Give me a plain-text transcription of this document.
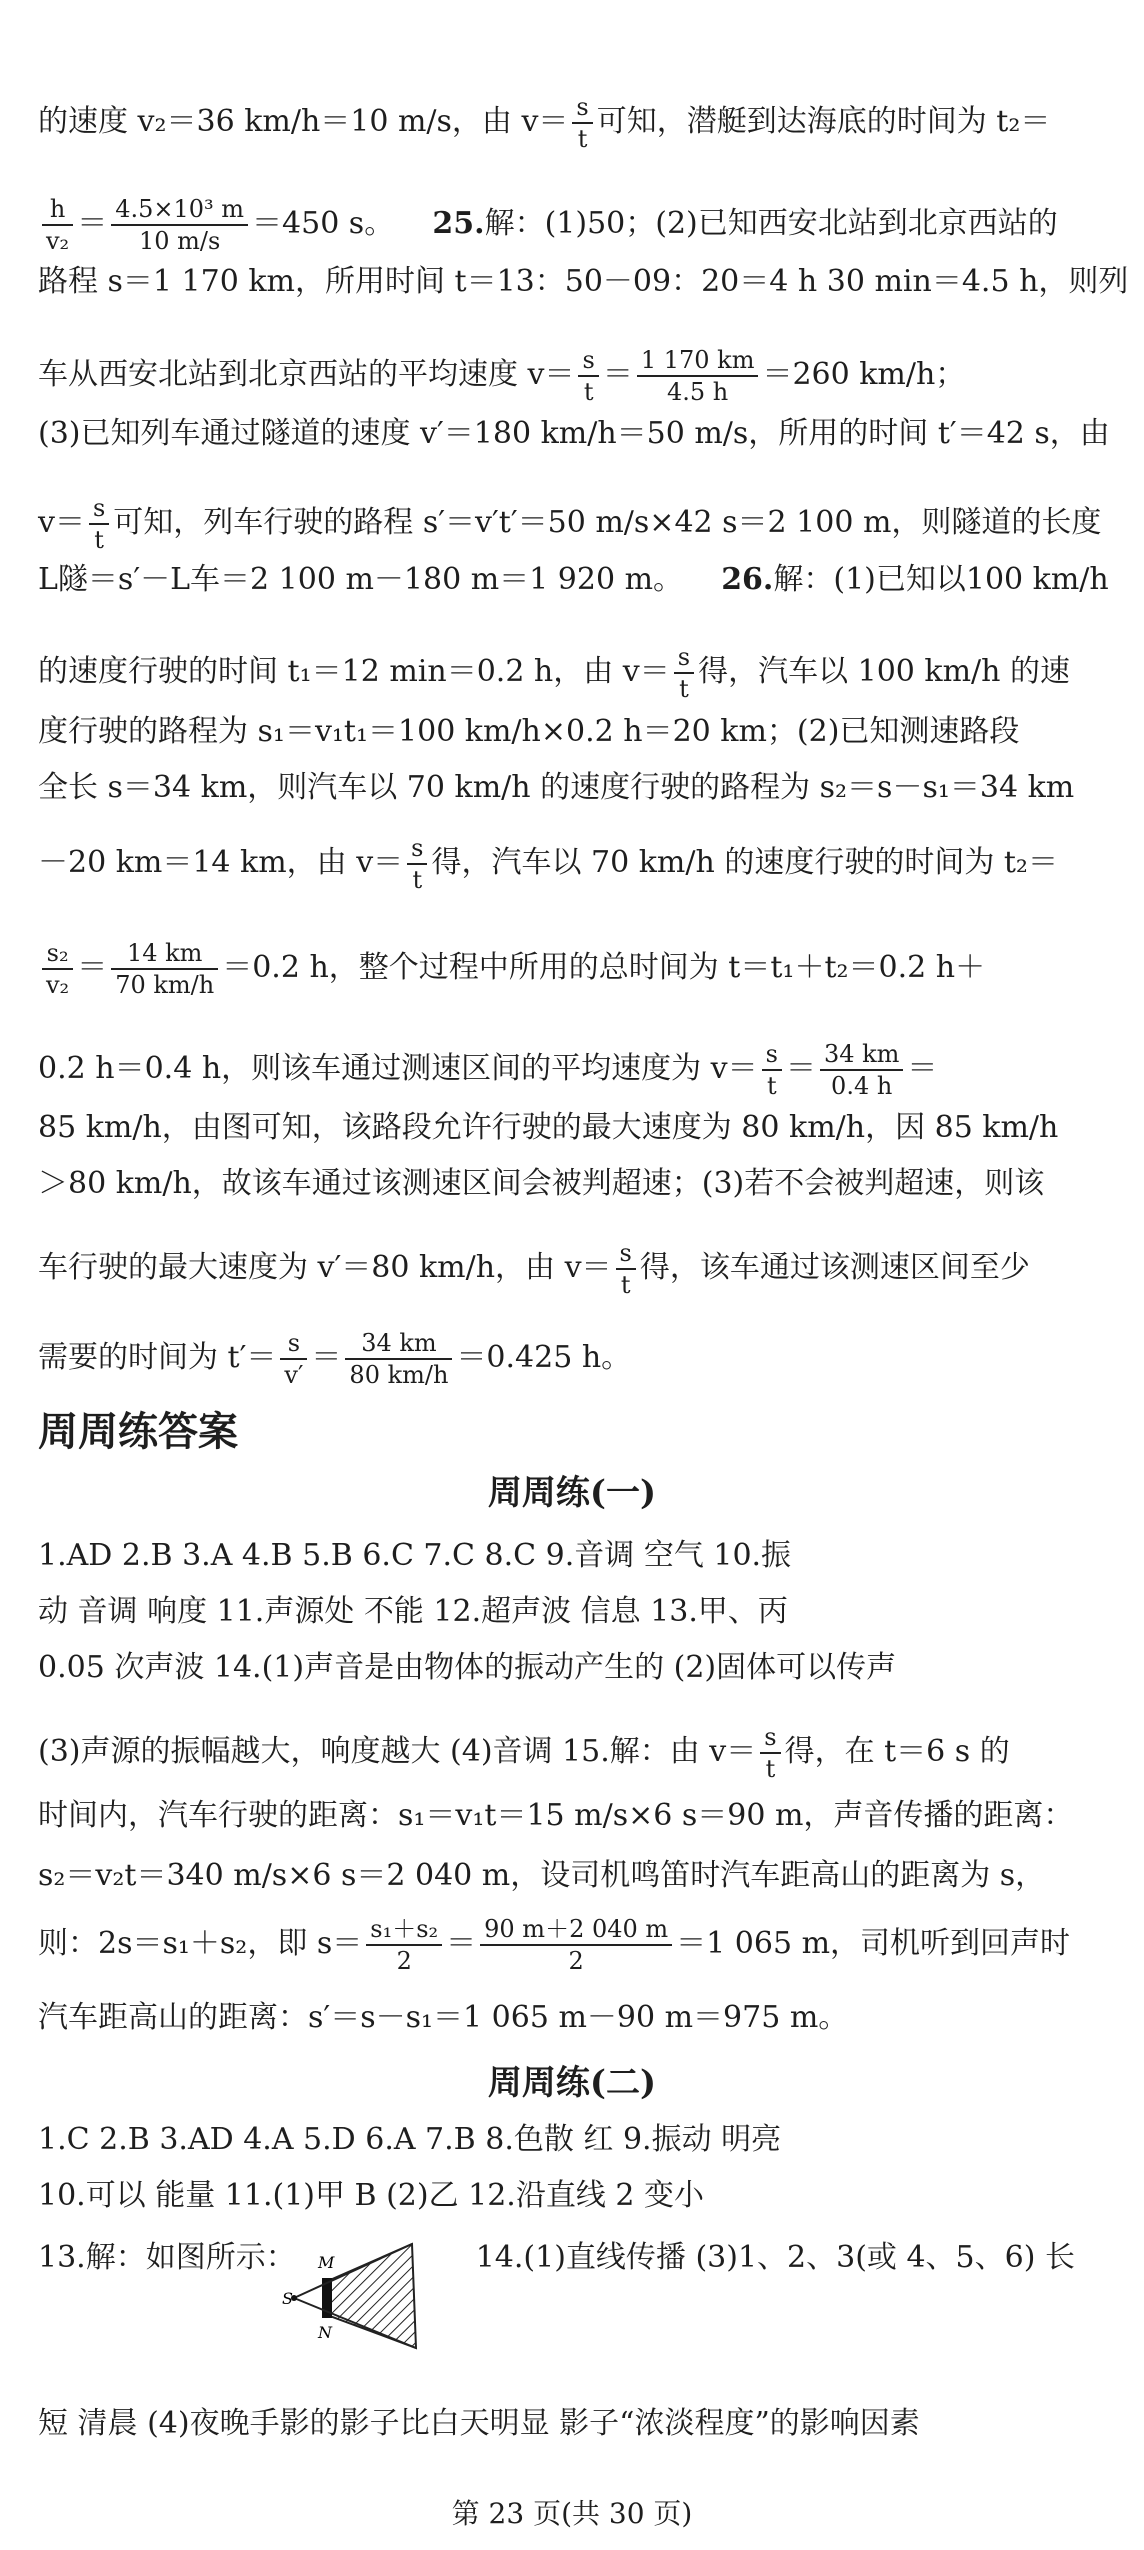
的速度 v₂＝36 km/h＝10 m/s，由 $v= \frac{s}{t}$ 可知，潜艇到达海底的时间为 t₂＝
$\frac{h}{\text{v₂}} = \frac{\text{4.5×10³ m}}{10 m/s} =450$ s。 25.解：(1)50；(2)已知西安北站到北京西站的
路程 s＝1 170 km，所用时间 t＝13：50－09：20＝4 h 30 min＝4.5 h，则列
车从西安北站到北京西站的平均速度 $v= \frac{s}{t} = \frac{1 170 km}{4.5 h} =260$ km/h；
(3)已知列车通过隧道的速度 v′＝180 km/h＝50 m/s，所用的时间 t′＝42 s，由
$v= \frac{s}{t}$ 可知，列车行驶的路程 s′＝v′t′＝50 m/s×42 s＝2 100 m，则隧道的长度
L隧＝s′－L车＝2 100 m－180 m＝1 920 m。 26.解：(1)已知以100 km/h
的速度行驶的时间 t₁＝12 min＝0.2 h，由 $v= \frac{s}{t}$ 得，汽车以 100 km/h 的速
度行驶的路程为 s₁＝v₁t₁＝100 km/h×0.2 h＝20 km；(2)已知测速路段
全长 s＝34 km，则汽车以 70 km/h 的速度行驶的路程为 s₂＝s－s₁＝34 km
－20 km＝14 km，由 $v= \frac{s}{t}$ 得，汽车以 70 km/h 的速度行驶的时间为 t₂＝
$\frac{\text{s₂}}{\text{v₂}} = \frac{14 km}{70 km/h} =0.2$ h，整个过程中所用的总时间为 t＝t₁＋t₂＝0.2 h＋
0.2 h＝0.4 h，则该车通过测速区间的平均速度为 $v= \frac{s}{t} = \frac{34 km}{0.4 h}$ ＝
85 km/h，由图可知，该路段允许行驶的最大速度为 80 km/h，因 85 km/h
＞80 km/h，故该车通过该测速区间会被判超速；(3)若不会被判超速，则该
车行驶的最大速度为 v′＝80 km/h，由 $v= \frac{s}{t}$ 得，该车通过该测速区间至少
需要的时间为 $t'= \frac{s}{v'} = \frac{34 km}{80 km/h} =0.425$ h。
周周练答案
周周练(一)
1.AD 2.B 3.A 4.B 5.B 6.C 7.C 8.C 9.音调 空气 10.振
动 音调 响度 11.声源处 不能 12.超声波 信息 13.甲、丙
0.05 次声波 14.(1)声音是由物体的振动产生的 (2)固体可以传声
(3)声源的振幅越大，响度越大 (4)音调 15.解：由 $v= \frac{s}{t}$ 得，在 t＝6 s 的
时间内，汽车行驶的距离：s₁＝v₁t＝15 m/s×6 s＝90 m，声音传播的距离：
s₂＝v₂t＝340 m/s×6 s＝2 040 m，设司机鸣笛时汽车距高山的距离为 s，
则：2s＝s₁＋s₂，即 $s= \frac{\text{s₁＋s₂}}{2} = \frac{90 m+2 040 m}{2} =1$ 065 m，司机听到回声时
汽车距高山的距离：s′＝s－s₁＝1 065 m－90 m＝975 m。
周周练(二)
1.C 2.B 3.AD 4.A 5.D 6.A 7.B 8.色散 红 9.振动 明亮
10.可以 能量 11.(1)甲 B (2)乙 12.沿直线 2 变小
13.解：如图所示：	14.(1)直线传播 (3)1、2、3(或 4、5、6) 长
M
S
N
短 清晨 (4)夜晚手影的影子比白天明显 影子“浓淡程度”的影响因素
第 23 页(共 30 页)
